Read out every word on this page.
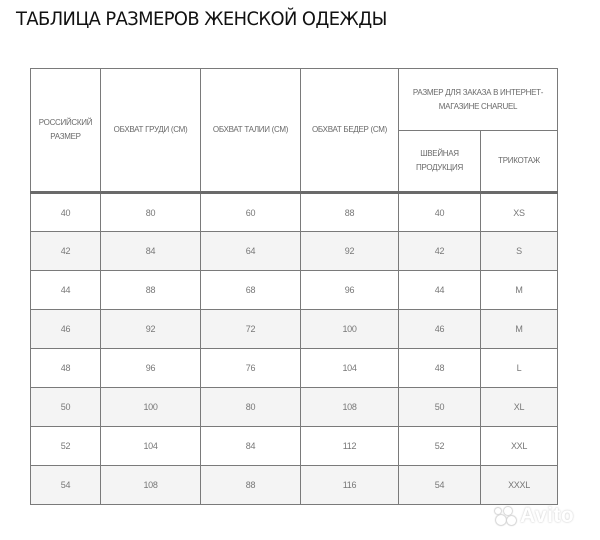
ТАБЛИЦА РАЗМЕРОВ ЖЕНСКОЙ ОДЕЖДЫ
РОССИЙСКИЙ РАЗМЕР	ОБХВАТ ГРУДИ (СМ)	ОБХВАТ ТАЛИИ (СМ)	ОБХВАТ БЕДЕР (СМ)	РАЗМЕР ДЛЯ ЗАКАЗА В ИНТЕРНЕТ-МАГАЗИНЕ CHARUEL	
				ШВЕЙНАЯ ПРОДУКЦИЯ	ТРИКОТАЖ
40	80	60	88	40	XS
42	84	64	92	42	S
44	88	68	96	44	M
46	92	72	100	46	M
48	96	76	104	48	L
50	100	80	108	50	XL
52	104	84	112	52	XXL
54	108	88	116	54	XXXL
Avito
